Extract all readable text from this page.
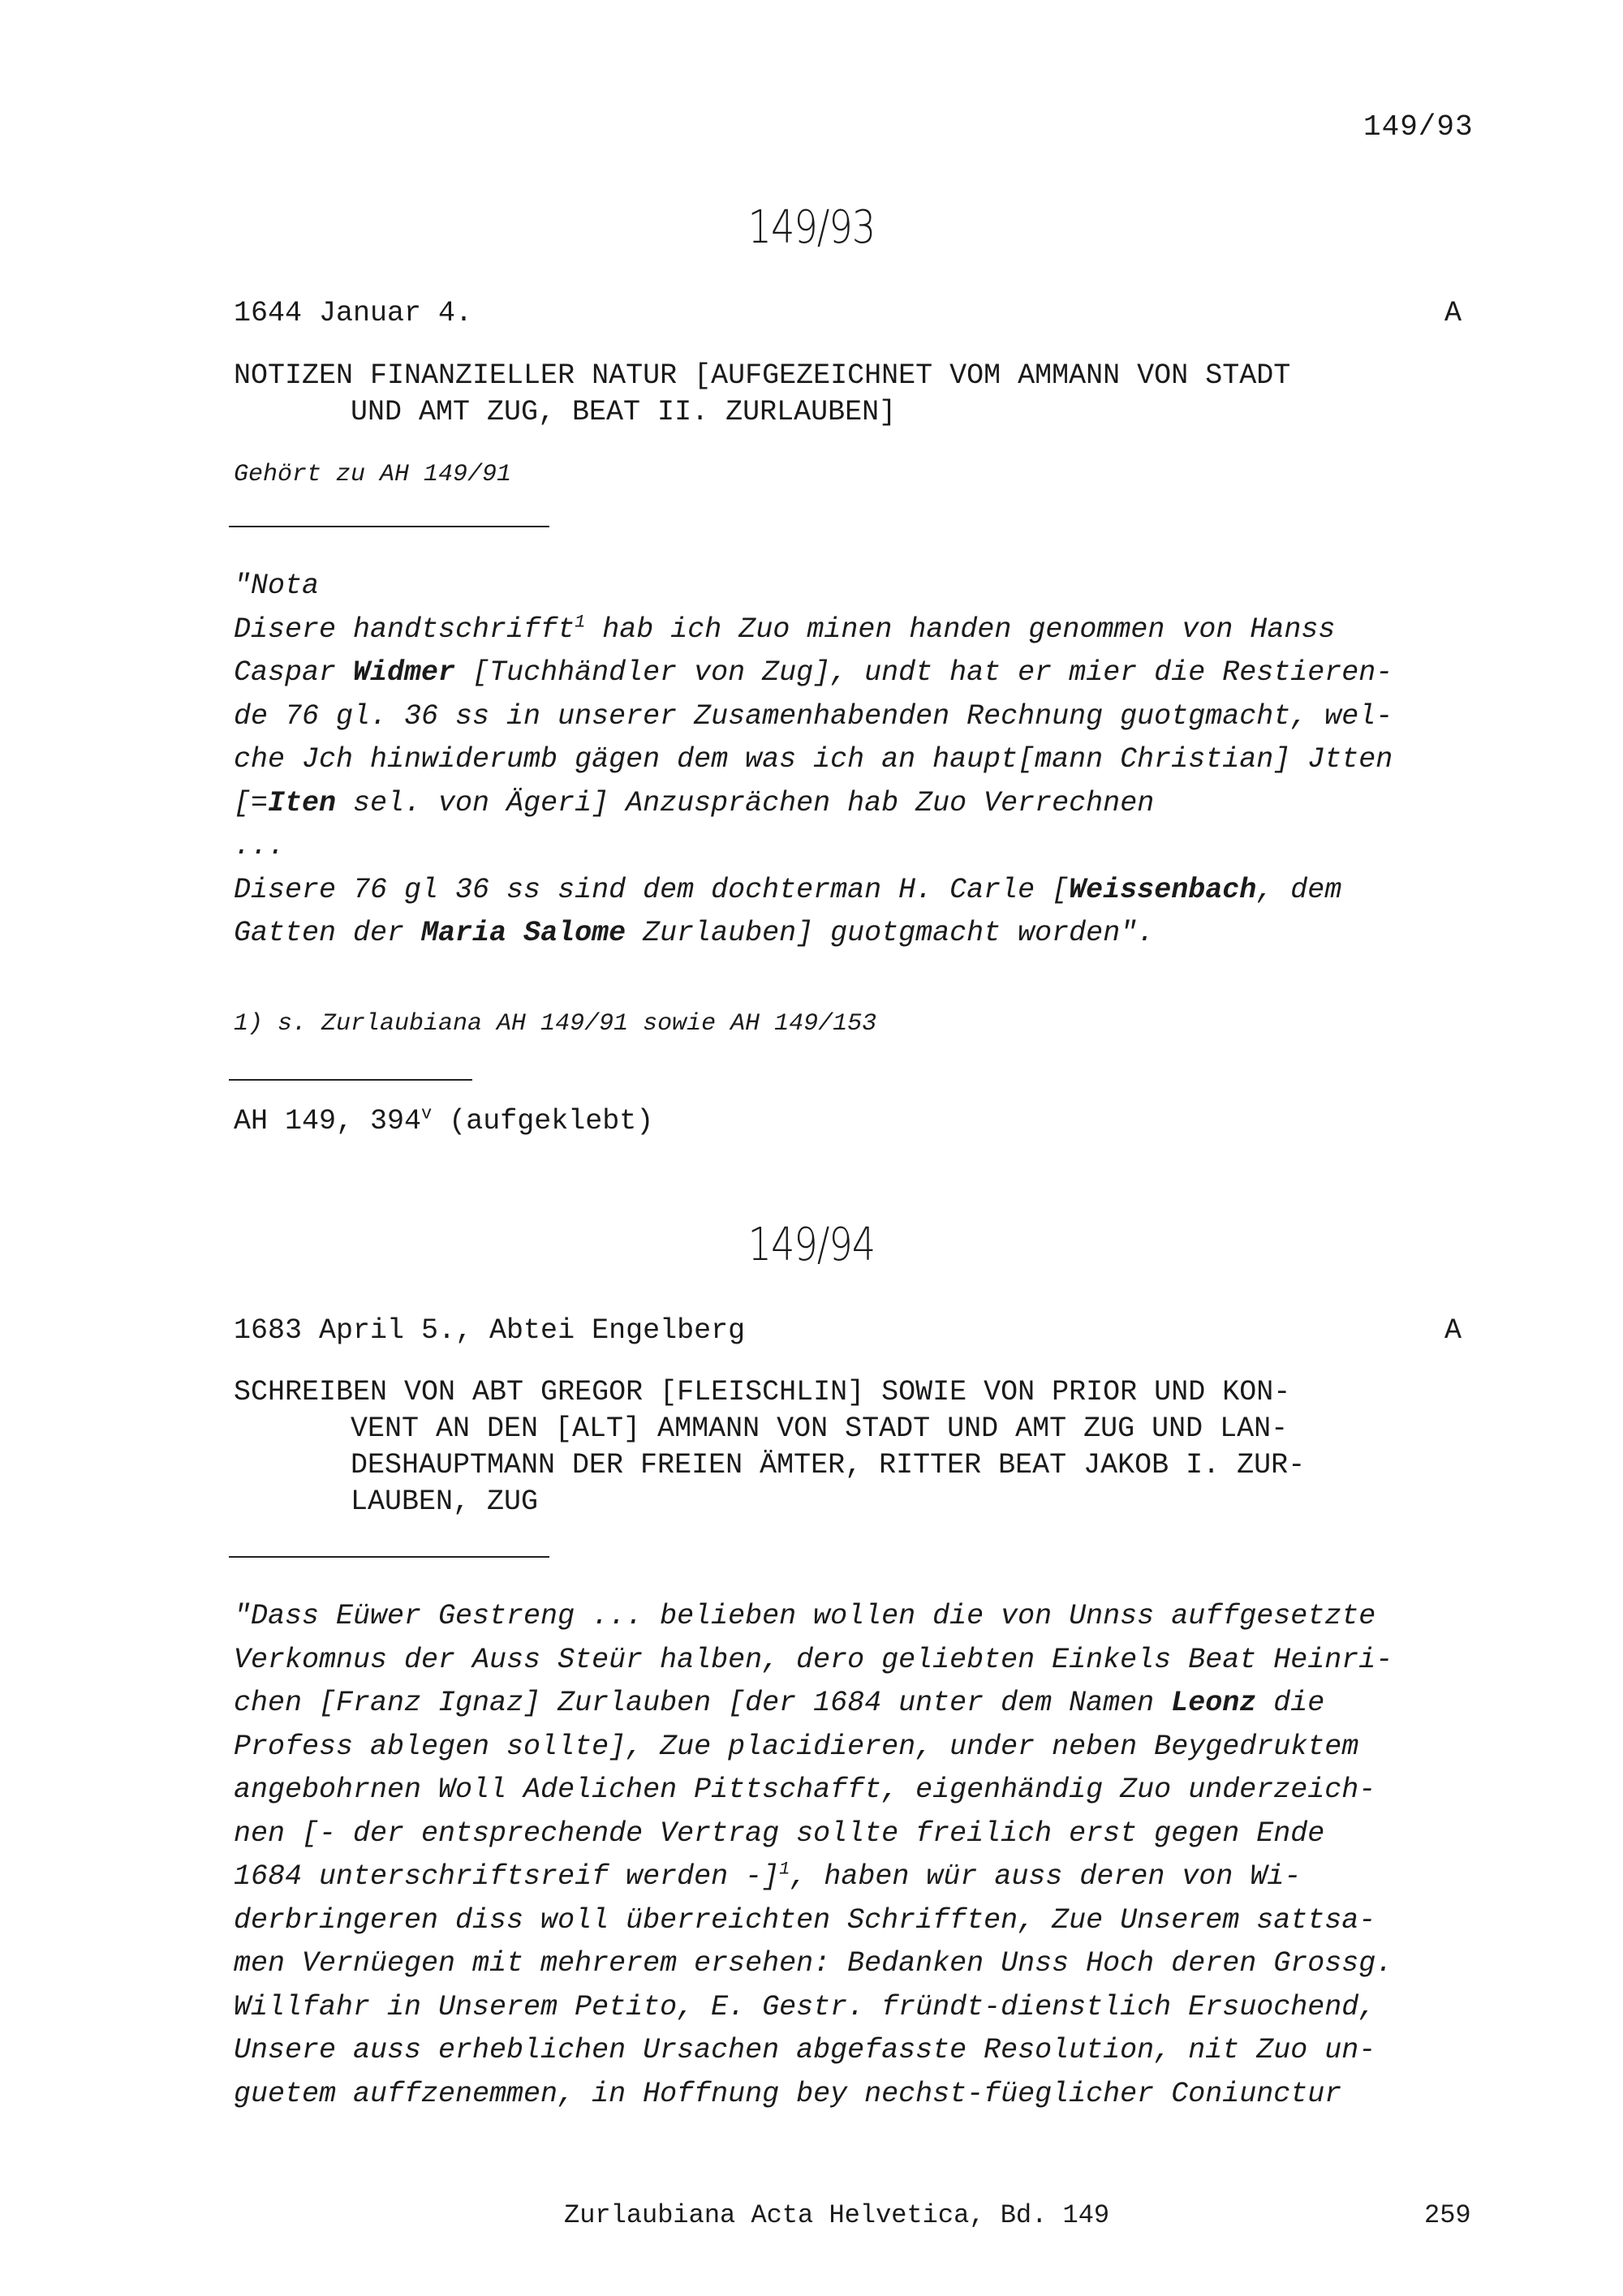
149/93
149/93
1644 Januar 4.	A
NOTIZEN FINANZIELLER NATUR [AUFGEZEICHNET VOM AMMANN VON STADT
UND AMT ZUG, BEAT II. ZURLAUBEN]
Gehört zu AH 149/91
"Nota
Disere handtschrifft$^1$ hab ich Zuo minen handen genommen von Hanss
Caspar Widmer [Tuchhändler von Zug], undt hat er mier die Restieren-
de 76 gl. 36 ss in unserer Zusamenhabenden Rechnung guotgmacht, wel-
che Jch hinwiderumb gägen dem was ich an haupt[mann Christian] Jtten
[=Iten sel. von Ägeri] Anzusprächen hab Zuo Verrechnen
...
Disere 76 gl 36 ss sind dem dochterman H. Carle [Weissenbach, dem
Gatten der Maria Salome Zurlauben] guotgmacht worden".
1) s. Zurlaubiana AH 149/91 sowie AH 149/153
AH 149, 394$^v$ (aufgeklebt)
149/94
1683 April 5., Abtei Engelberg	A
SCHREIBEN VON ABT GREGOR [FLEISCHLIN] SOWIE VON PRIOR UND KON-
VENT AN DEN [ALT] AMMANN VON STADT UND AMT ZUG UND LAN-
DESHAUPTMANN DER FREIEN ÄMTER, RITTER BEAT JAKOB I. ZUR-
LAUBEN, ZUG
"Dass Eüwer Gestreng ... belieben wollen die von Unnss auffgesetzte
Verkomnus der Auss Steür halben, dero geliebten Einkels Beat Heinri-
chen [Franz Ignaz] Zurlauben [der 1684 unter dem Namen Leonz die
Profess ablegen sollte], Zue placidieren, under neben Beygedruktem
angebohrnen Woll Adelichen Pittschafft, eigenhändig Zuo underzeich-
nen [- der entsprechende Vertrag sollte freilich erst gegen Ende
1684 unterschriftsreif werden -]$^1$, haben wür auss deren von Wi-
derbringeren diss woll überreichten Schrifften, Zue Unserem sattsa-
men Vernüegen mit mehrerem ersehen: Bedanken Unss Hoch deren Grossg.
Willfahr in Unserem Petito, E. Gestr. fründt-dienstlich Ersuochend,
Unsere auss erheblichen Ursachen abgefasste Resolution, nit Zuo un-
guetem auffzenemmen, in Hoffnung bey nechst-füeglicher Coniunctur
Zurlaubiana Acta Helvetica, Bd. 149	259
